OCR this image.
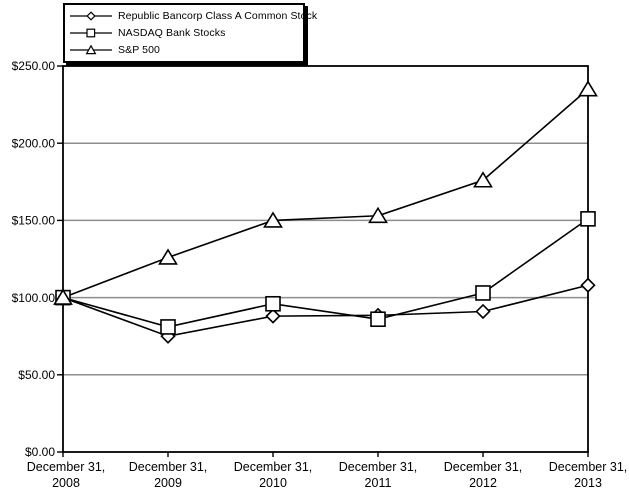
$0.00
$50.00
$100.00
$150.00
$200.00
$250.00
December 31,
2008
December 31,
2009
December 31,
2010
December 31,
2011
December 31,
2012
December 31,
2013
Republic Bancorp Class A Common Stock
NASDAQ Bank Stocks
S&P 500
